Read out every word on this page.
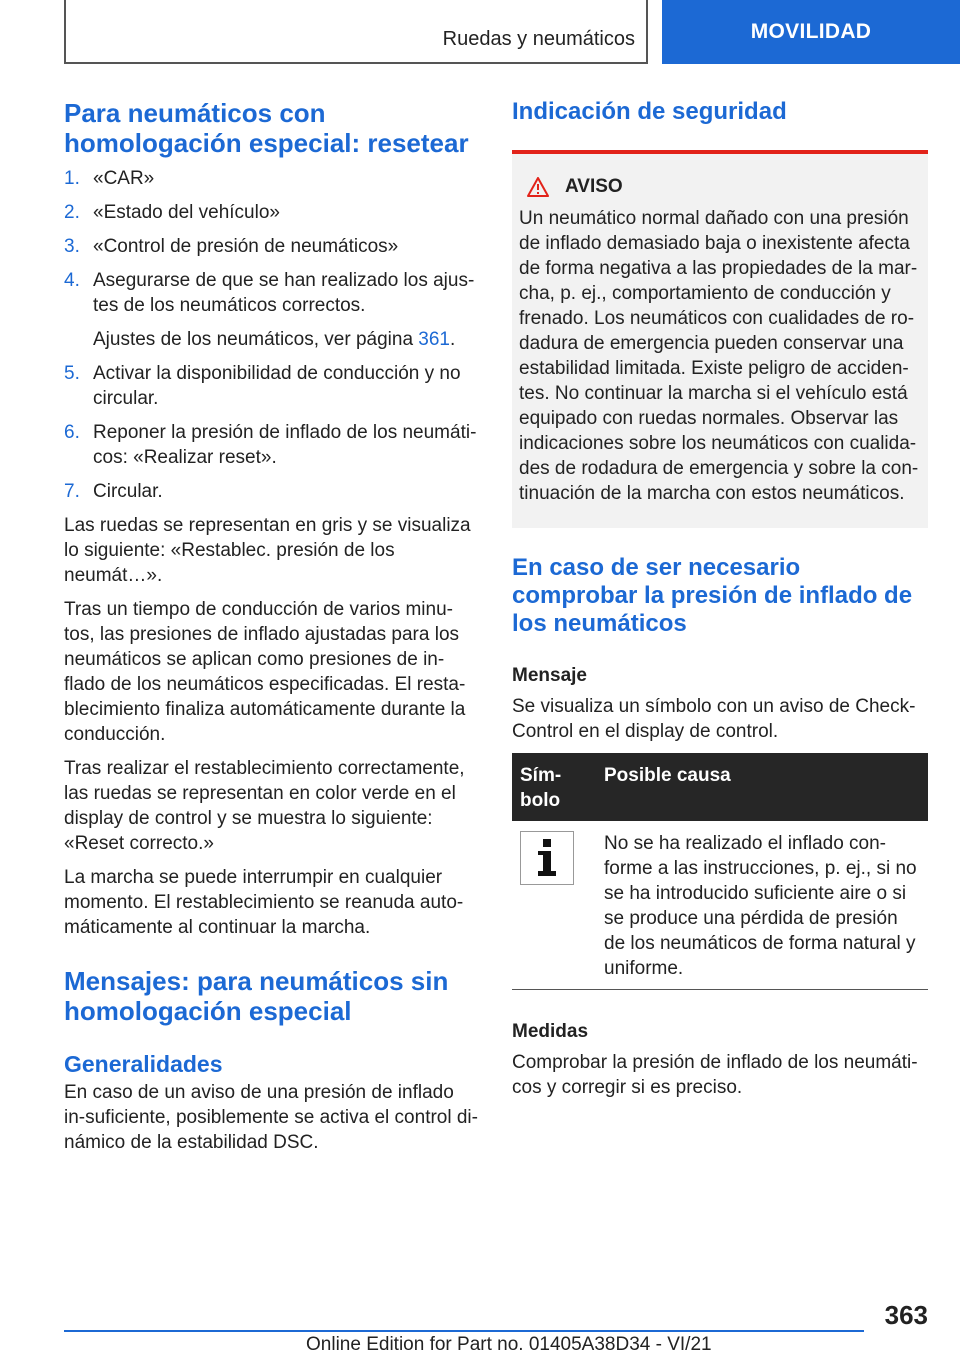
Ruedas y neumáticos	MOVILIDAD
Para neumáticos con homologación especial: resetear
1. «CAR»
2. «Estado del vehículo»
3. «Control de presión de neumáticos»
4. Asegurarse de que se han realizado los ajus-tes de los neumáticos correctos.
Ajustes de los neumáticos, ver página 361.
5. Activar la disponibilidad de conducción y no circular.
6. Reponer la presión de inflado de los neumáti-cos: «Realizar reset».
7. Circular.

Las ruedas se representan en gris y se visualiza lo siguiente: «Restablec. presión de los neumát…».

Tras un tiempo de conducción de varios minu-tos, las presiones de inflado ajustadas para los neumáticos se aplican como presiones de in-flado de los neumáticos especificadas. El resta-blecimiento finaliza automáticamente durante la conducción.

Tras realizar el restablecimiento correctamente, las ruedas se representan en color verde en el display de control y se muestra lo siguiente: «Reset correcto.»

La marcha se puede interrumpir en cualquier momento. El restablecimiento se reanuda auto-máticamente al continuar la marcha.

Mensajes: para neumáticos sin homologación especial
Generalidades

En caso de un aviso de una presión de inflado in-suficiente, posiblemente se activa el control di-námico de la estabilidad DSC.

Indicación de seguridad
AVISO

Un neumático normal dañado con una presión de inflado demasiado baja o inexistente afecta de forma negativa a las propiedades de la mar-cha, p. ej., comportamiento de conducción y frenado. Los neumáticos con cualidades de ro-dadura de emergencia pueden conservar una estabilidad limitada. Existe peligro de acciden-tes. No continuar la marcha si el vehículo está equipado con ruedas normales. Observar las indicaciones sobre los neumáticos con cualida-des de rodadura de emergencia y sobre la con-tinuación de la marcha con estos neumáticos.

En caso de ser necesario comprobar la presión de inflado de los neumáticos
Mensaje

Se visualiza un símbolo con un aviso de Check-Control en el display de control.

Sím-bolo	Posible causa

	No se ha realizado el inflado con-forme a las instrucciones, p. ej., si no se ha introducido suficiente aire o si se produce una pérdida de presión de los neumáticos de forma natural y uniforme.
Medidas

Comprobar la presión de inflado de los neumáti-cos y corregir si es preciso.

363
Online Edition for Part no. 01405A38D34 - VI/21
